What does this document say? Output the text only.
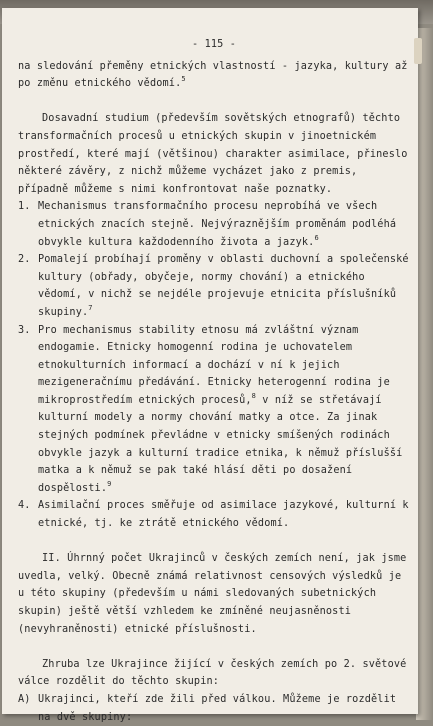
- 115 -

na sledování přeměny etnických vlastností - jazyka, kultury až po změnu etnického vědomí.$^5$

Dosavadní studium (především sovětských etnografů) těchto transformačních procesů u etnických skupin v jinoetnickém prostředí, které mají (většinou) charakter asimilace, přineslo některé závěry, z nichž můžeme vycházet jako z premis, případně můžeme s nimi konfrontovat naše poznatky.

1. Mechanismus transformačního procesu neprobíhá ve všech etnických znacích stejně. Nejvýraznějším proměnám podléhá obvykle kultura každodenního života a jazyk.$^6$
2. Pomalejí probíhají proměny v oblasti duchovní a společenské kultury (obřady, obyčeje, normy chování) a etnického vědomí, v nichž se nejdéle projevuje etnicita příslušníků skupiny.$^7$
3. Pro mechanismus stability etnosu má zvláštní význam endogamie. Etnicky homogenní rodina je uchovatelem etnokulturních informací a dochází v ní k jejich mezigeneračnímu předávání. Etnicky heterogenní rodina je mikroprostředím etnických procesů,$^8$ v níž se střetávají kulturní modely a normy chování matky a otce. Za jinak stejných podmínek převládne v etnicky smíšených rodinách obvykle jazyk a kulturní tradice etnika, k němuž příslušší matka a k němuž se pak také hlásí děti po dosažení dospělosti.$^9$
4. Asimilační proces směřuje od asimilace jazykové, kulturní k etnické, tj. ke ztrátě etnického vědomí.

II. Úhrnný počet Ukrajinců v českých zemích není, jak jsme uvedla, velký. Obecně známá relativnost censových výsledků je u této skupiny (především u námi sledovaných subetnických skupin) ještě větší vzhledem ke zmíněné neujasněnosti (nevyhraněnosti) etnické příslušnosti.

Zhruba lze Ukrajince žijící v českých zemích po 2. světové válce rozdělit do těchto skupin:

A) Ukrajinci, kteří zde žili před válkou. Můžeme je rozdělit na dvě skupiny:
